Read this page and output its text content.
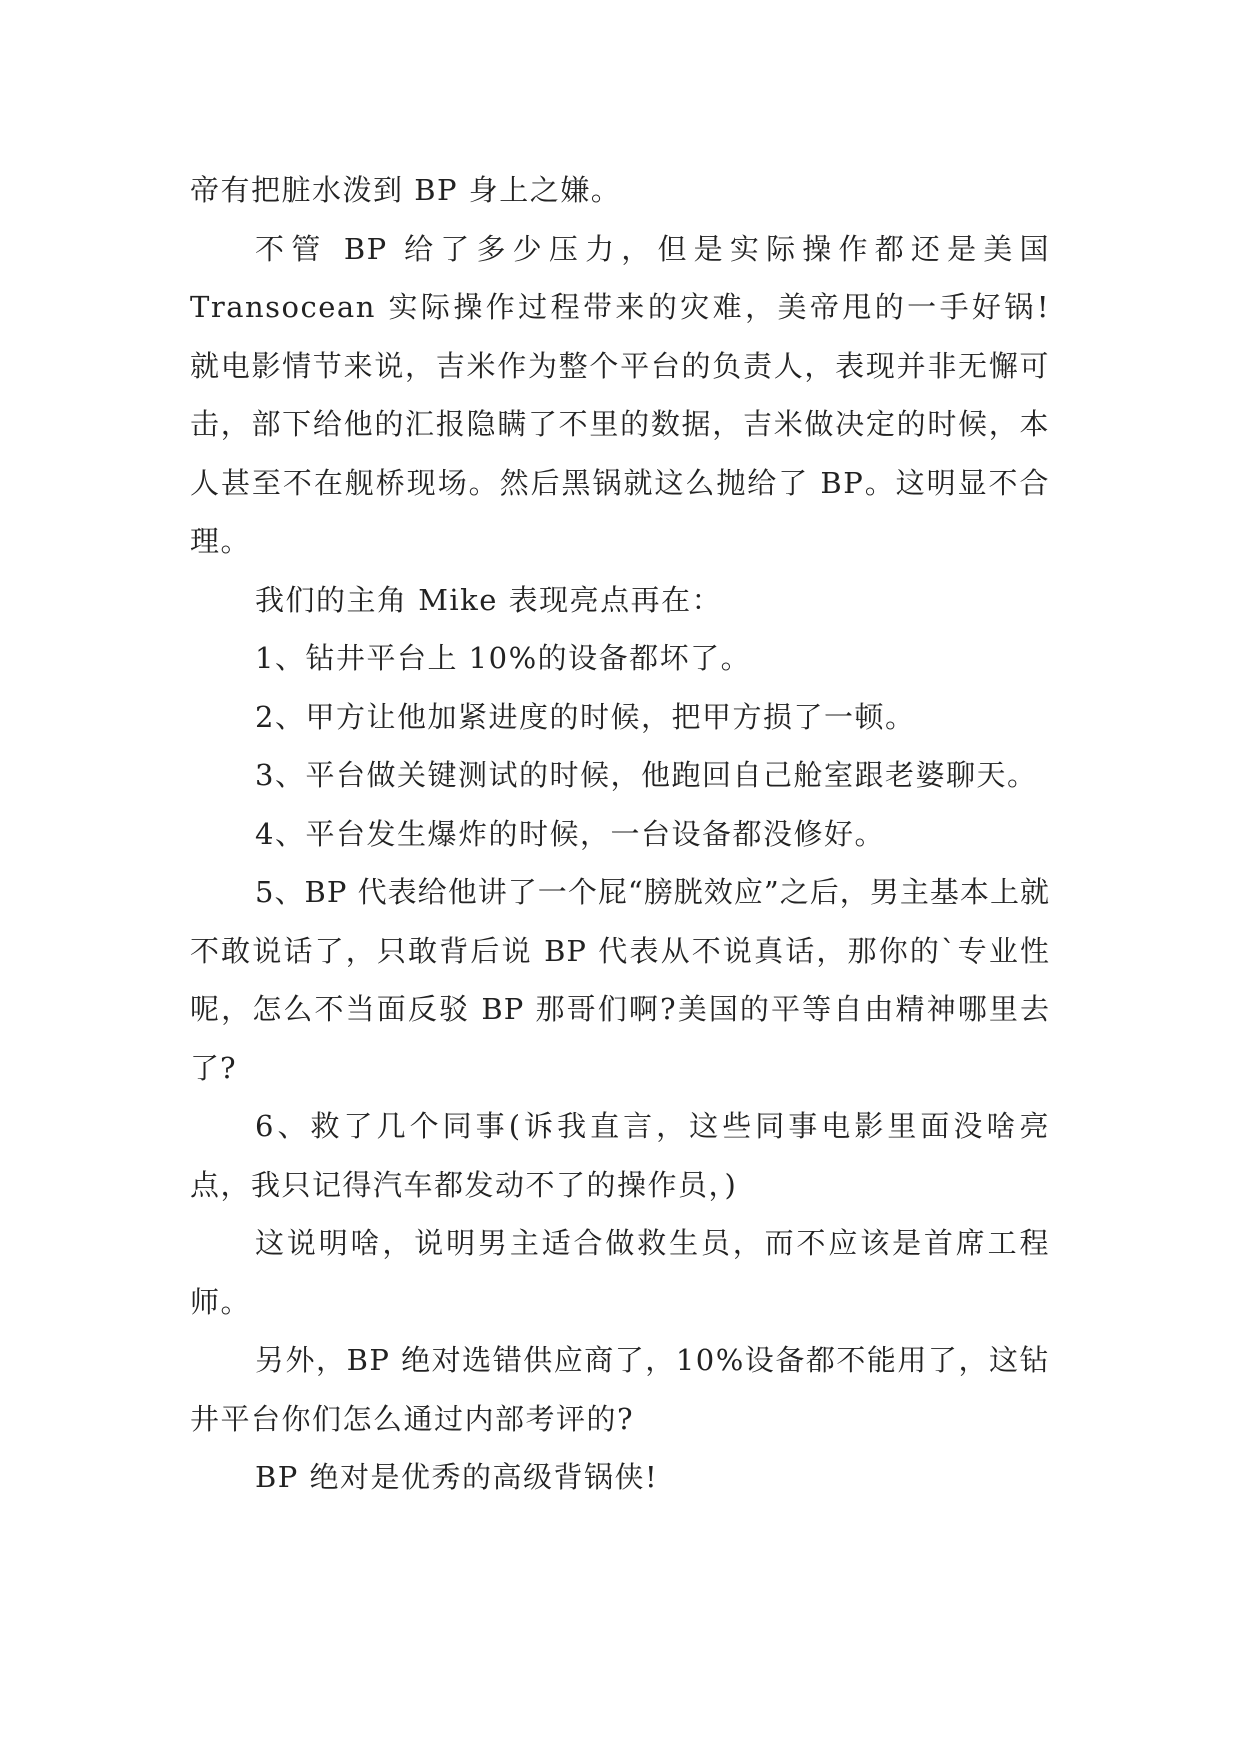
帝有把脏水泼到 BP 身上之嫌。

不管 BP 给了多少压力，但是实际操作都还是美国 Transocean 实际操作过程带来的灾难，美帝甩的一手好锅! 就电影情节来说，吉米作为整个平台的负责人，表现并非无懈可击，部下给他的汇报隐瞒了不里的数据，吉米做决定的时候，本人甚至不在舰桥现场。然后黑锅就这么抛给了 BP。这明显不合理。

我们的主角 Mike 表现亮点再在：

1、钻井平台上 10%的设备都坏了。

2、甲方让他加紧进度的时候，把甲方损了一顿。

3、平台做关键测试的时候，他跑回自己舱室跟老婆聊天。

4、平台发生爆炸的时候，一台设备都没修好。

5、BP 代表给他讲了一个屁“膀胱效应”之后，男主基本上就不敢说话了，只敢背后说 BP 代表从不说真话，那你的`专业性呢，怎么不当面反驳 BP 那哥们啊?美国的平等自由精神哪里去了?

6、救了几个同事(诉我直言，这些同事电影里面没啥亮点，我只记得汽车都发动不了的操作员，)

这说明啥，说明男主适合做救生员，而不应该是首席工程师。

另外，BP 绝对选错供应商了，10%设备都不能用了，这钻井平台你们怎么通过内部考评的?

BP 绝对是优秀的高级背锅侠!
